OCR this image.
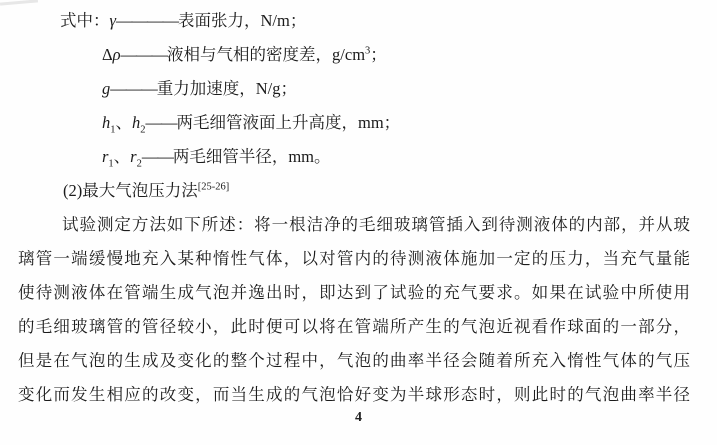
式中：γ————表面张力，N/m；
Δρ———液相与气相的密度差，$g/cm^3$；
g———重力加速度，N/g；
$h_1$、$h_2——$两毛细管液面上升高度，mm；
$r_1$、$r_2——$两毛细管半径，mm。
(2)最大气泡压力法[25-26]
试验测定方法如下所述：将一根洁净的毛细玻璃管插入到待测液体的内部，并从玻
璃管一端缓慢地充入某种惰性气体，以对管内的待测液体施加一定的压力，当充气量能
使待测液体在管端生成气泡并逸出时，即达到了试验的充气要求。如果在试验中所使用
的毛细玻璃管的管径较小，此时便可以将在管端所产生的气泡近视看作球面的一部分，
但是在气泡的生成及变化的整个过程中，气泡的曲率半径会随着所充入惰性气体的气压
变化而发生相应的改变，而当生成的气泡恰好变为半球形态时，则此时的气泡曲率半径
4
